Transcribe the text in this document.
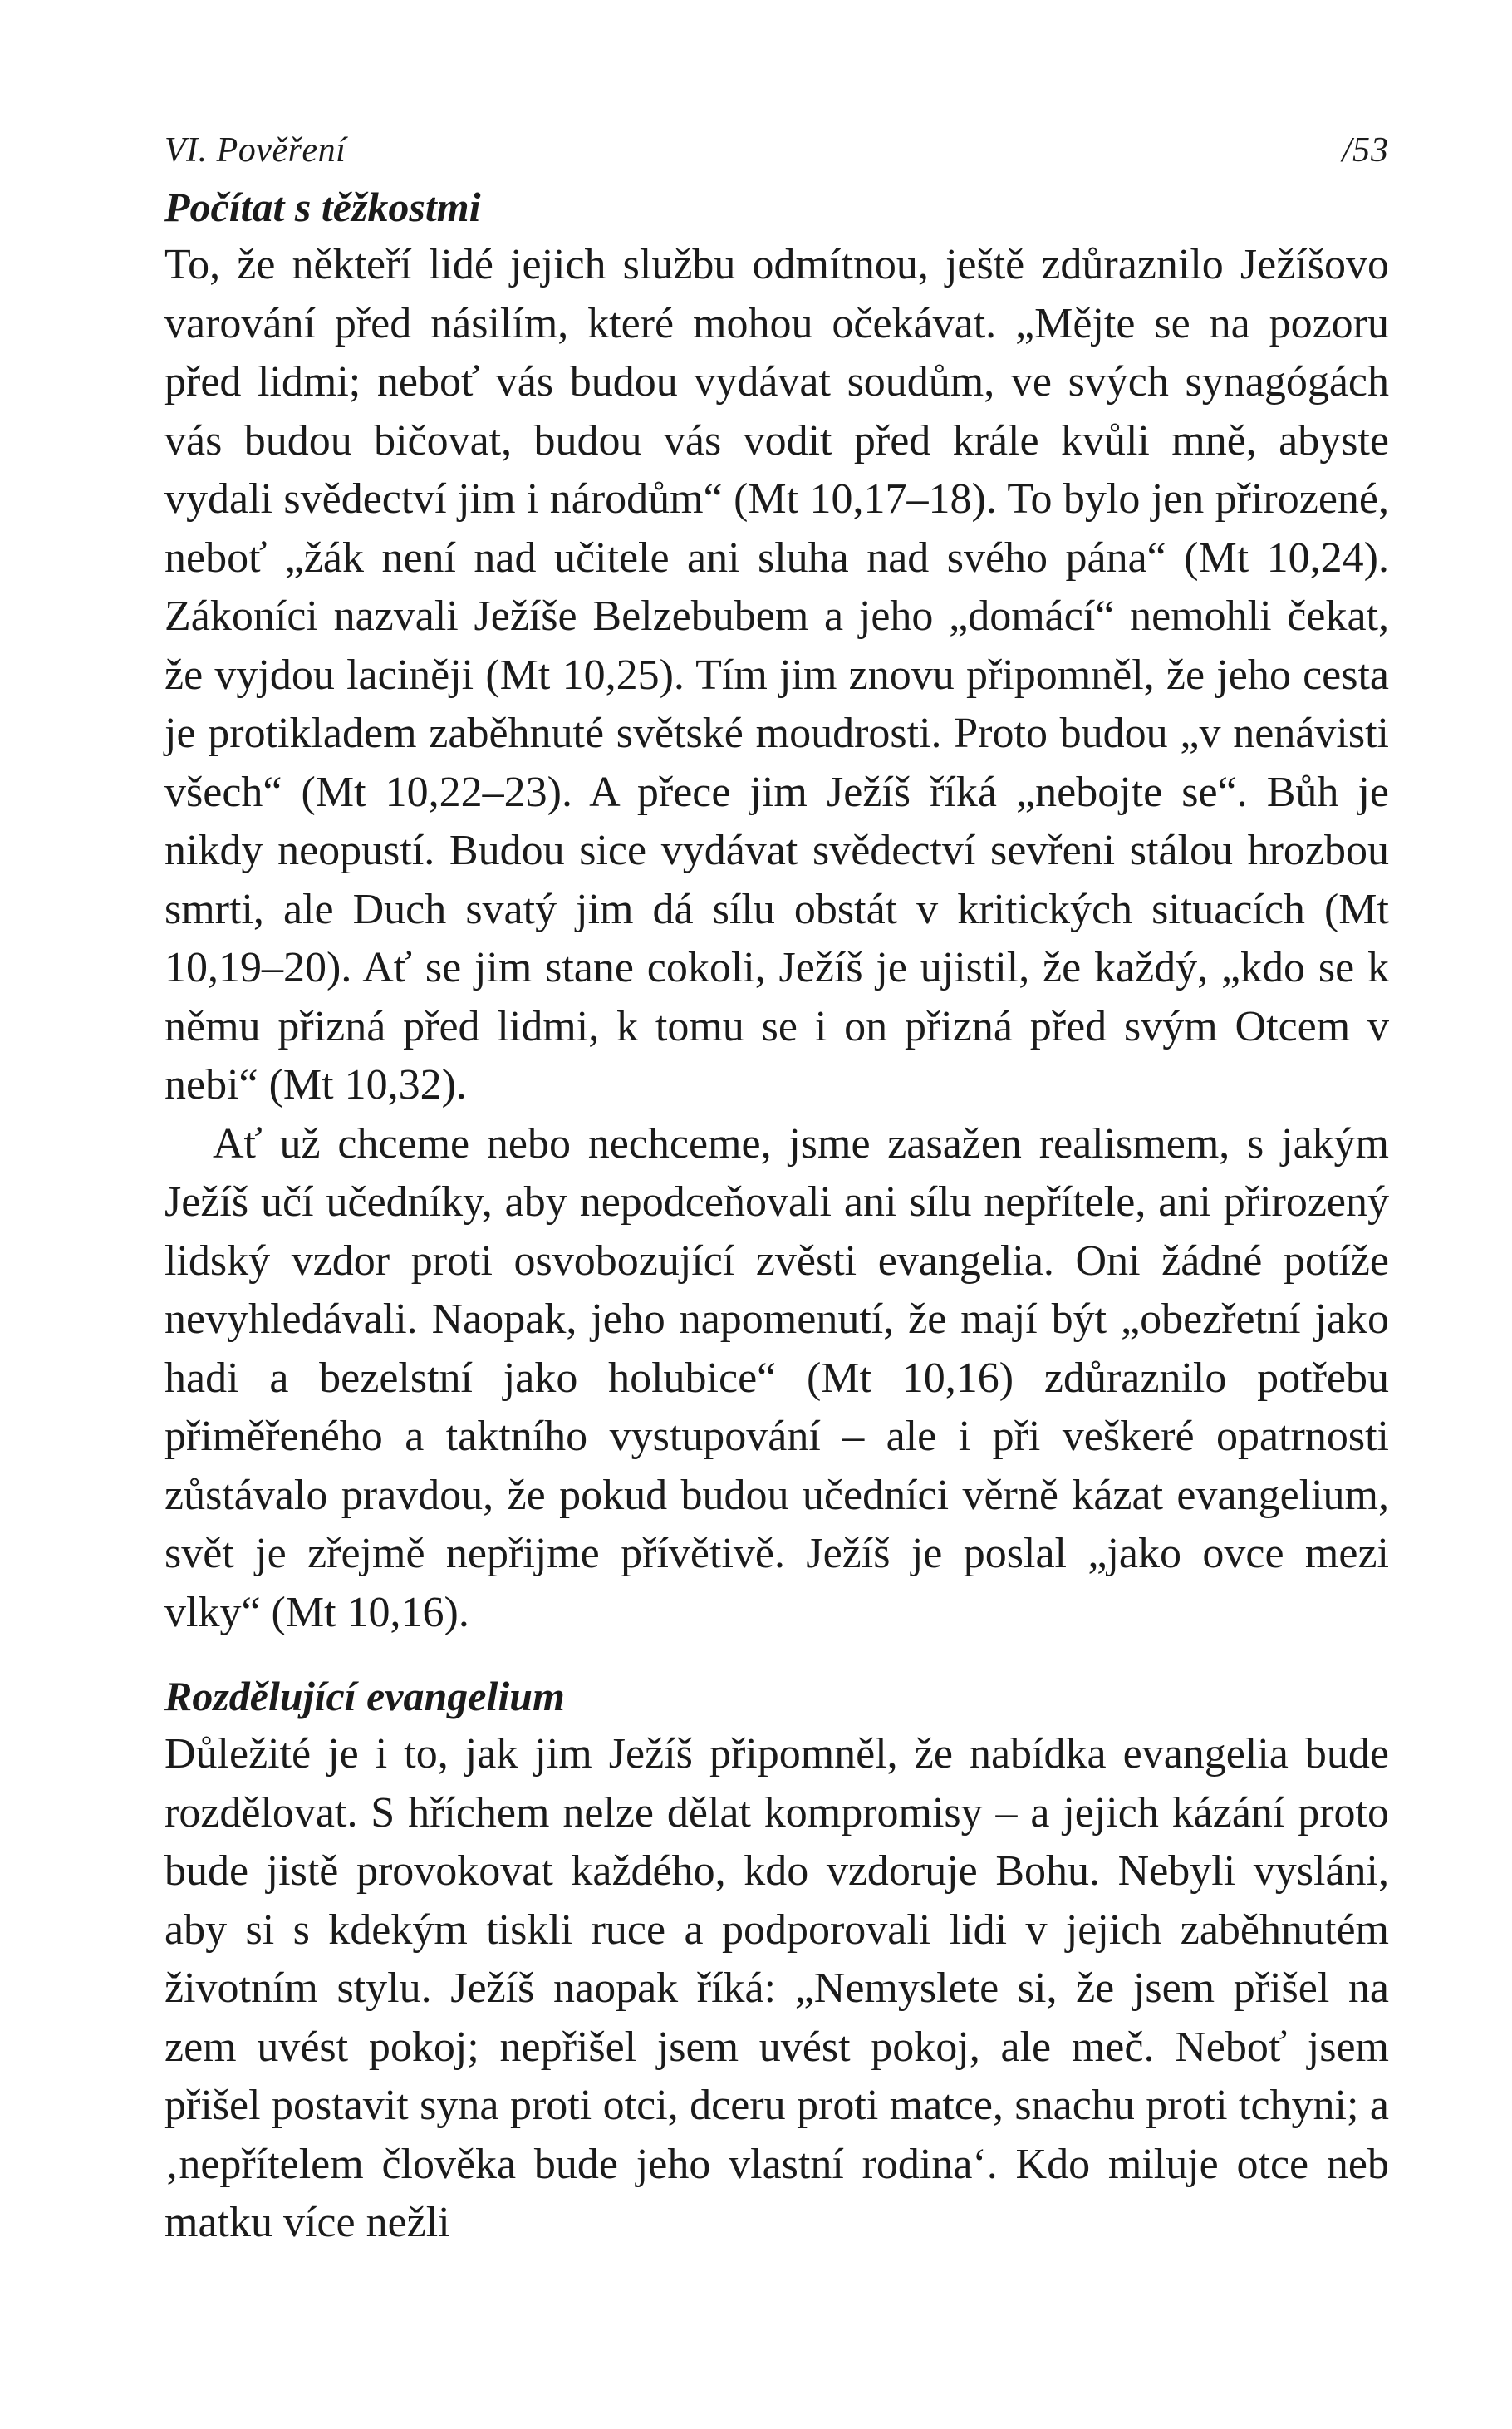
VI. Pověření	/53
Počítat s těžkostmi

To, že někteří lidé jejich službu odmítnou, ještě zdůraznilo Ježíšovo varování před násilím, které mohou očekávat. „Mějte se na pozoru před lidmi; neboť vás budou vydávat soudům, ve svých synagógách vás budou bičovat, budou vás vodit před krále kvůli mně, abyste vydali svědectví jim i národům“ (Mt 10,17–18). To bylo jen přirozené, neboť „žák není nad učitele ani sluha nad svého pána“ (Mt 10,24). Zákoníci nazvali Ježíše Belzebubem a jeho „domácí“ nemohli čekat, že vyjdou laciněji (Mt 10,25). Tím jim znovu připomněl, že jeho cesta je protikladem zaběhnuté světské moudrosti. Proto budou „v nenávisti všech“ (Mt 10,22–23). A přece jim Ježíš říká „nebojte se“. Bůh je nikdy neopustí. Budou sice vydávat svědectví sevřeni stálou hrozbou smrti, ale Duch svatý jim dá sílu obstát v kritických situacích (Mt 10,19–20). Ať se jim stane cokoli, Ježíš je ujistil, že každý, „kdo se k němu přizná před lidmi, k tomu se i on přizná před svým Otcem v nebi“ (Mt 10,32).

Ať už chceme nebo nechceme, jsme zasažen realismem, s jakým Ježíš učí učedníky, aby nepodceňovali ani sílu nepřítele, ani přirozený lidský vzdor proti osvobozující zvěsti evangelia. Oni žádné potíže nevyhledávali. Naopak, jeho napomenutí, že mají být „obezřetní jako hadi a bezelstní jako holubice“ (Mt 10,16) zdůraznilo potřebu přiměřeného a taktního vystupování – ale i při veškeré opatrnosti zůstávalo pravdou, že pokud budou učedníci věrně kázat evangelium, svět je zřejmě nepřijme přívětivě. Ježíš je poslal „jako ovce mezi vlky“ (Mt 10,16).

Rozdělující evangelium

Důležité je i to, jak jim Ježíš připomněl, že nabídka evangelia bude rozdělovat. S hříchem nelze dělat kompromisy – a jejich kázání proto bude jistě provokovat každého, kdo vzdoruje Bohu. Nebyli vysláni, aby si s kdekým tiskli ruce a podporovali lidi v jejich zaběhnutém životním stylu. Ježíš naopak říká: „Nemyslete si, že jsem přišel na zem uvést pokoj; nepřišel jsem uvést pokoj, ale meč. Neboť jsem přišel postavit syna proti otci, dceru proti matce, snachu proti tchyni; a ‚nepřítelem člověka bude jeho vlastní rodina‘. Kdo miluje otce neb matku více nežli
